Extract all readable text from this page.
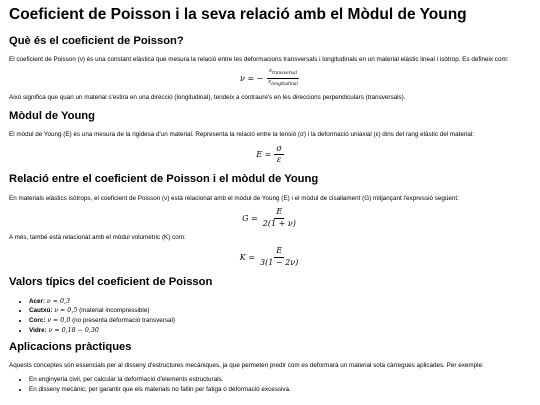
Coeficient de Poisson i la seva relació amb el Mòdul de Young
Què és el coeficient de Poisson?

El coeficient de Poisson (ν) és una constant elàstica que mesura la relació entre les deformacions transversals i longitudinals en un material elàstic lineal i isòtrop. Es defineix com:

ν = − $\frac{\varepsilon_{transversal}}{\varepsilon_{longitudinal}}$

Això significa que quan un material s'estira en una direcció (longitudinal), tendeix a contraure's en les direccions perpendiculars (transversals).

Mòdul de Young

El mòdul de Young (E) és una mesura de la rigidesa d'un material. Representa la relació entre la tensió (σ) i la deformació uniaxial (ε) dins del rang elàstic del material:

$E = \frac{\sigma}{\varepsilon}$
Relació entre el coeficient de Poisson i el mòdul de Young

En materials elàstics isòtrops, el coeficient de Poisson (ν) està relacionat amb el mòdul de Young (E) i el mòdul de cisallament (G) mitjançant l'expressió següent:

$G = \frac{E}{2(1 + \nu)}$

A més, també està relacionat amb el mòdul volumètric (K) com:

$K = \frac{E}{3(1 - 2\nu)}$
Valors típics del coeficient de Poisson
• Acer: ν ≈ 0,3
• Cautxú: ν ≈ 0,5 (material incompressible)
• Corc: ν ≈ 0,0 (no presenta deformació transversal)
• Vidre: ν = 0,18 − 0,30
Aplicacions pràctiques

Aquests conceptes són essencials per al disseny d'estructures mecàniques, ja que permeten predir com es deformarà un material sota càrregues aplicades. Per exemple:

• En enginyeria civil, per calcular la deformació d'elements estructurals.
• En disseny mecànic, per garantir que els materials no fallin per fatiga o deformació excessiva.
